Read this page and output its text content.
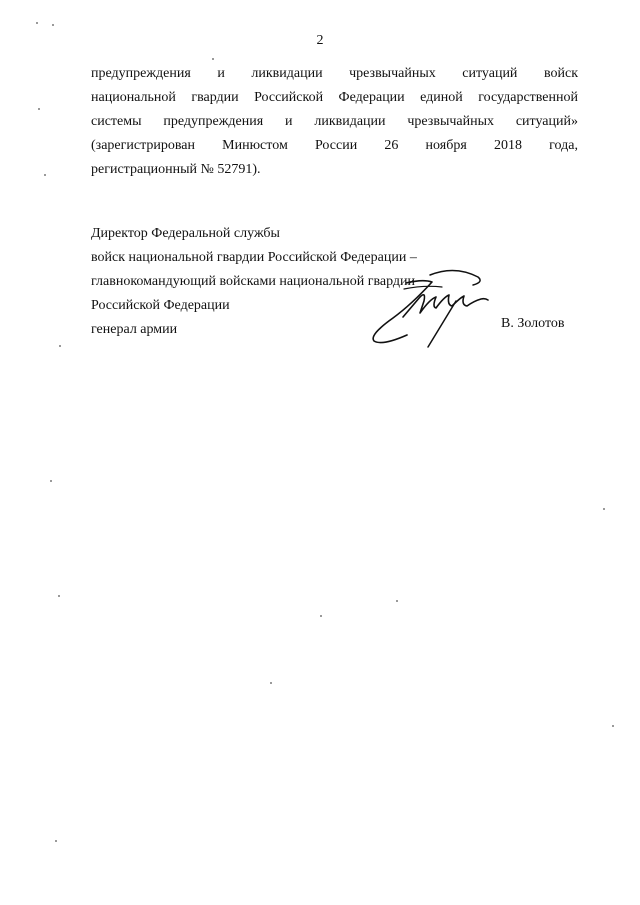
2
предупреждения и ликвидации чрезвычайных ситуаций войск
национальной гвардии Российской Федерации единой государственной
системы предупреждения и ликвидации чрезвычайных ситуаций»
(зарегистрирован Минюстом России 26 ноября 2018 года,
регистрационный № 52791).
Директор Федеральной службы
войск национальной гвардии Российской Федерации –
главнокомандующий войсками национальной гвардии
Российской Федерации
генерал армии	В. Золотов
